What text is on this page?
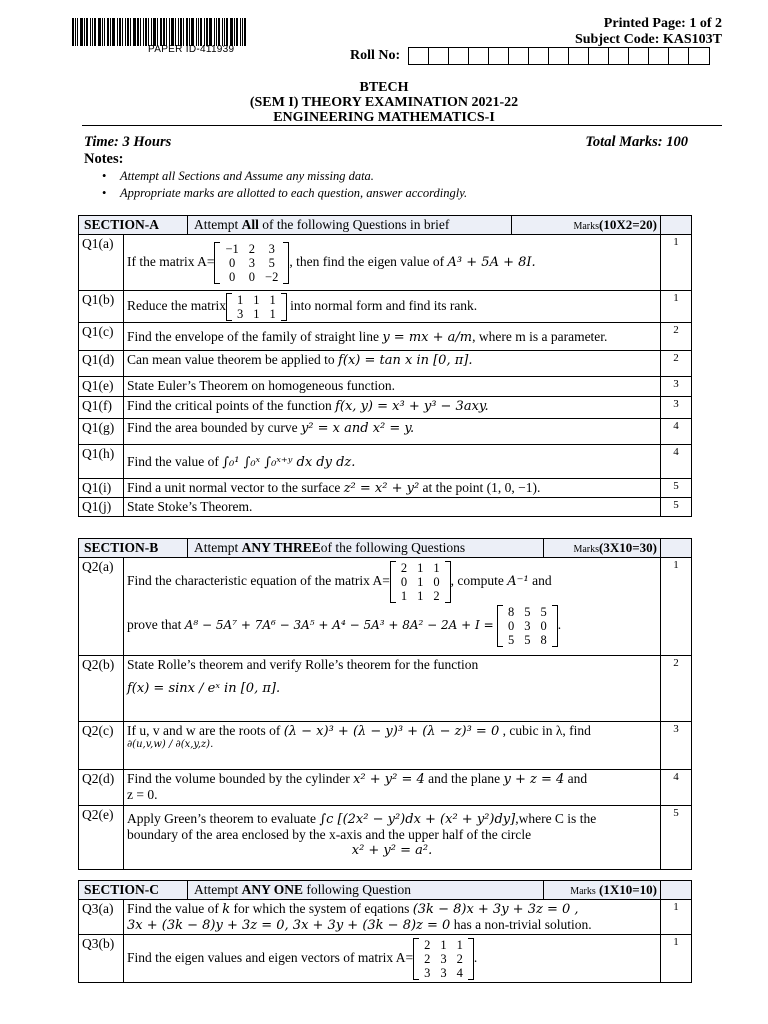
PAPER ID-411939
Printed Page: 1 of 2
Subject Code: KAS103T
Roll No:
BTECH
(SEM I) THEORY EXAMINATION 2021-22
ENGINEERING MATHEMATICS-I
Time: 3 Hours	Total Marks: 100
Notes:
• Attempt all Sections and Assume any missing data.
• Appropriate marks are allotted to each question, answer accordingly.
SECTION-A	Attempt All of the following Questions in brief	Marks(10X2=20)

Q1(a)	If the matrix A=
−1	2	3
0	3	5
0	0	−2
, then find the eigen value of A³ + 5A + 8I.	1
Q1(b)	Reduce the matrix 1	1	1
3	1	1
into normal form and find its rank.	1
Q1(c)	Find the envelope of the family of straight line y = mx + a/m, where m is a parameter.	2
Q1(d)	Can mean value theorem be applied to f(x) = tan x in [0, π].	2
Q1(e)	State Euler’s Theorem on homogeneous function.	3
Q1(f)	Find the critical points of the function f(x, y) = x³ + y³ − 3axy.	3
Q1(g)	Find the area bounded by curve y² = x and x² = y.	4
Q1(h)	Find the value of ∫₀¹ ∫₀ˣ ∫₀ˣ⁺ʸ dx dy dz.	4
Q1(i)	Find a unit normal vector to the surface z² = x² + y² at the point (1, 0, −1).	5
Q1(j)	State Stoke’s Theorem.	5
SECTION-B	Attempt ANY THREEof the following Questions	Marks(3X10=30)

Q2(a)	
Find the characteristic equation of the matrix A=
2	1	1
0	1	0
1	1	2
, compute A⁻¹ and
prove that A⁸ − 5A⁷ + 7A⁶ − 3A⁵ + A⁴ − 5A³ + 8A² − 2A + I =
8	5	5
0	3	0
5	5	8
.
	1
Q2(b)	State Rolle’s theorem and verify Rolle’s theorem for the function
f(x) = sinx / eˣ in [0, π].
	2
Q2(c)	If u, v and w are the roots of (λ − x)³ + (λ − y)³ + (λ − z)³ = 0 , cubic in λ, find
∂(u,v,w) / ∂(x,y,z).
	3
Q2(d)	Find the volume bounded by the cylinder x² + y² = 4 and the plane y + z = 4 and
z = 0.
	4
Q2(e)	Apply Green’s theorem to evaluate ∫c [(2x² − y²)dx + (x² + y²)dy],where C is the
boundary of the area enclosed by the x-axis and the upper half of the circle
x² + y² = a².
	5
SECTION-C	Attempt ANY ONE following Question	Marks (1X10=10)

Q3(a)	Find the value of k for which the system of eqations (3k − 8)x + 3y + 3z = 0 ,
3x + (3k − 8)y + 3z = 0, 3x + 3y + (3k − 8)z = 0 has a non-trivial solution.
	1
Q3(b)	Find the eigen values and eigen vectors of matrix A=
2	1	1
2	3	2
3	3	4
.	1
